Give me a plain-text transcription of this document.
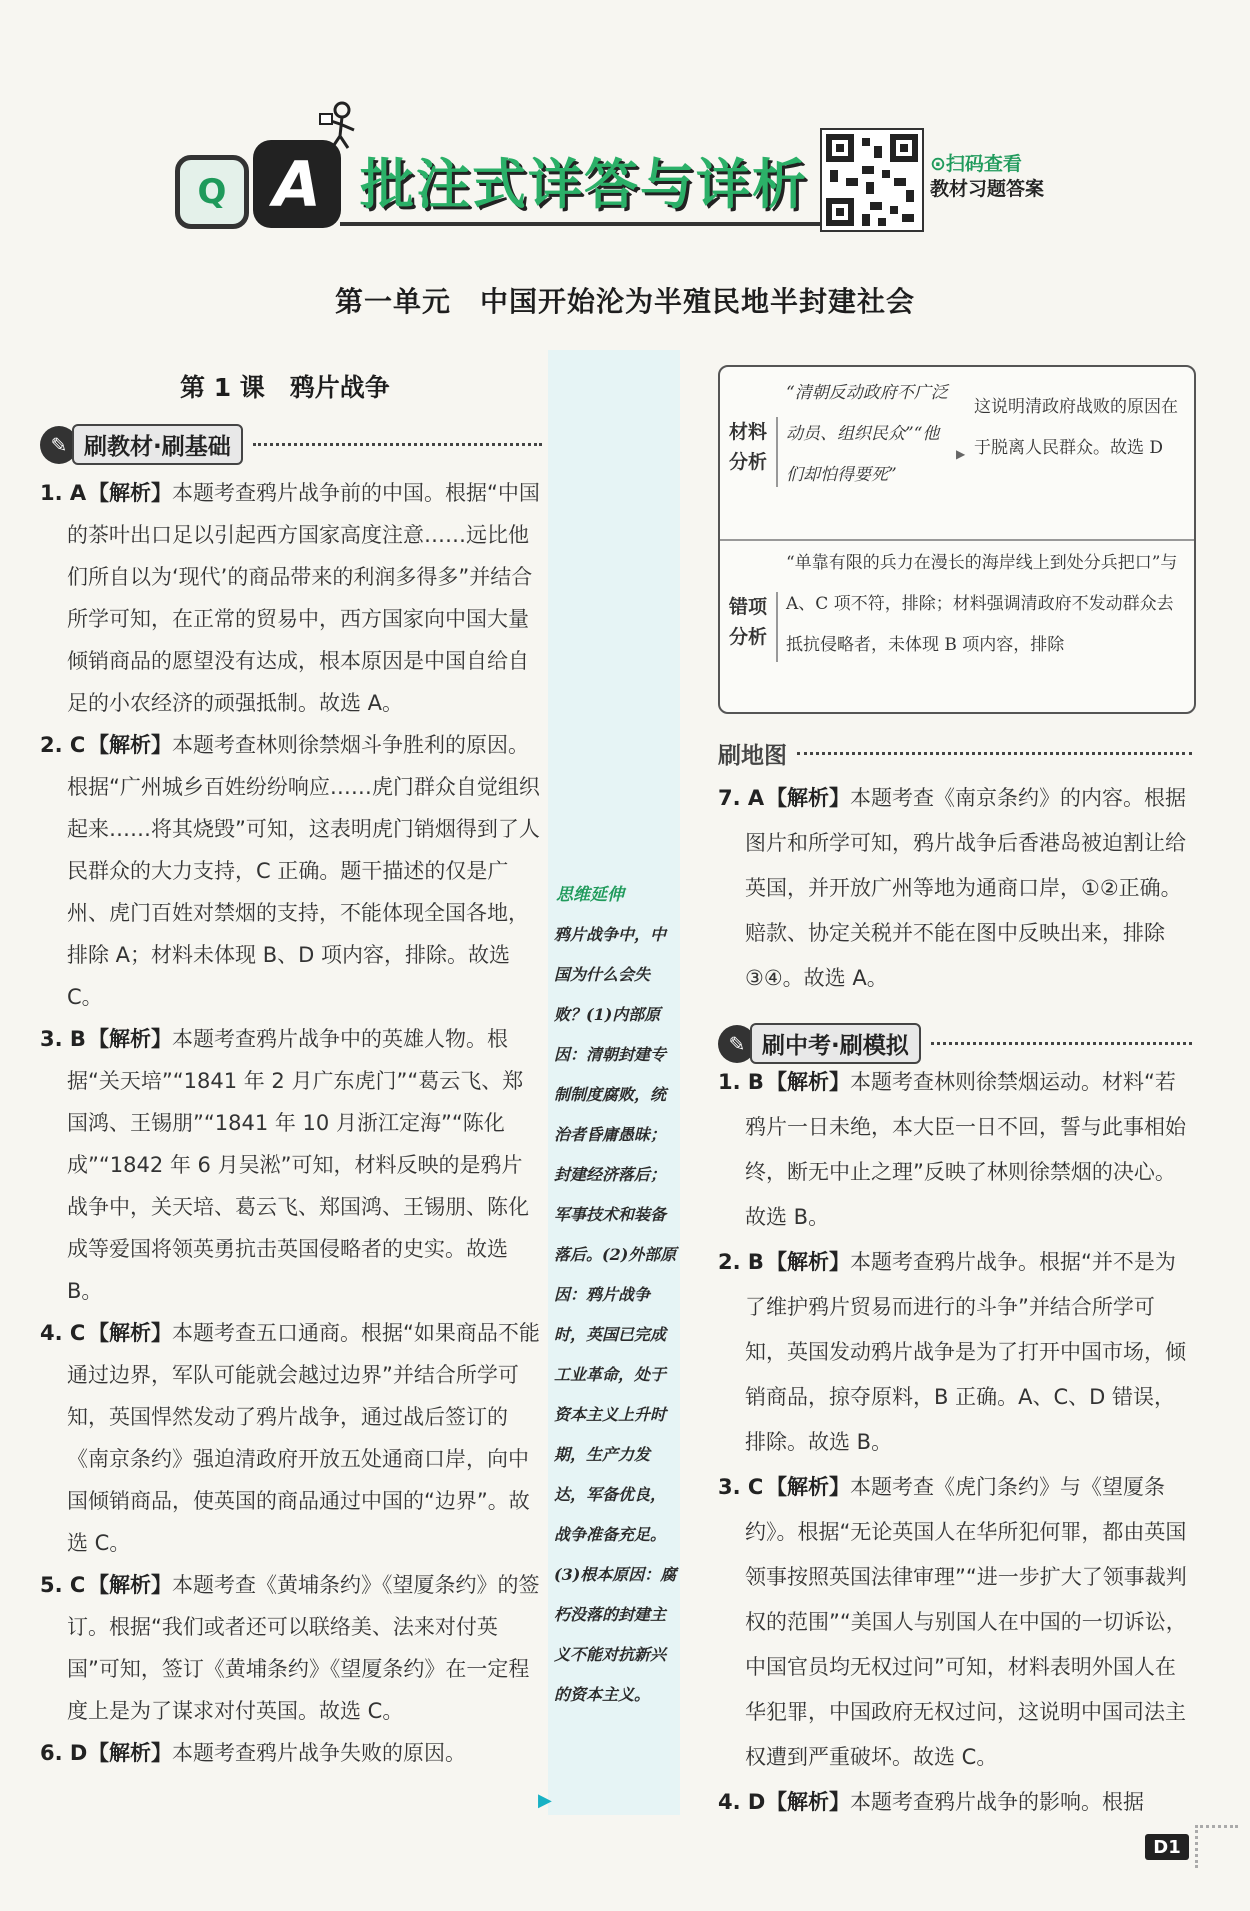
Q A 批注式详答与详析	⊙扫码查看
教材习题答案
第一单元　中国开始沦为半殖民地半封建社会
第 1 课　鸦片战争
✎ 刷教材·刷基础

1. A【解析】本题考查鸦片战争前的中国。根据“中国的茶叶出口足以引起西方国家高度注意……远比他们所自以为‘现代’的商品带来的利润多得多”并结合所学可知，在正常的贸易中，西方国家向中国大量倾销商品的愿望没有达成，根本原因是中国自给自足的小农经济的顽强抵制。故选 A。

2. C 【解析】本题考查林则徐禁烟斗争胜利的原因。根据“广州城乡百姓纷纷响应……虎门群众自觉组织起来……将其烧毁”可知，这表明虎门销烟得到了人民群众的大力支持，C 正确。题干描述的仅是广州、虎门百姓对禁烟的支持，不能体现全国各地，排除 A；材料未体现 B、D 项内容，排除。故选 C。

3. B【解析】本题考查鸦片战争中的英雄人物。根据“关天培”“1841 年 2 月广东虎门”“葛云飞、郑国鸿、王锡朋”“1841 年 10 月浙江定海”“陈化成”“1842 年 6 月吴淞”可知，材料反映的是鸦片战争中，关天培、葛云飞、郑国鸿、王锡朋、陈化成等爱国将领英勇抗击英国侵略者的史实。故选 B。

4. C 【解析】本题考查五口通商。根据“如果商品不能通过边界，军队可能就会越过边界”并结合所学可知，英国悍然发动了鸦片战争，通过战后签订的《南京条约》强迫清政府开放五处通商口岸，向中国倾销商品，使英国的商品通过中国的“边界”。故选 C。

5. C 【解析】本题考查《黄埔条约》《望厦条约》的签订。根据“我们或者还可以联络美、法来对付英国”可知，签订《黄埔条约》《望厦条约》在一定程度上是为了谋求对付英国。故选 C。

6. D【解析】本题考查鸦片战争失败的原因。

思维延伸
鸦片战争中，中国为什么会失败？(1)内部原因：清朝封建专制制度腐败，统治者昏庸愚昧；封建经济落后；军事技术和装备落后。(2)外部原因：鸦片战争时，英国已完成工业革命，处于资本主义上升时期，生产力发达，军备优良，战争准备充足。(3)根本原因：腐朽没落的封建主义不能对抗新兴的资本主义。
▶
材料分析
“清朝反动政府不广泛动员、组织民众”“他们却怕得要死”
▶
这说明清政府战败的原因在于脱离人民群众。故选 D
错项分析
“单靠有限的兵力在漫长的海岸线上到处分兵把口”与 A、C 项不符，排除；材料强调清政府不发动群众去抵抗侵略者，未体现 B 项内容，排除
刷地图

7. A【解析】本题考查《南京条约》的内容。根据图片和所学可知，鸦片战争后香港岛被迫割让给英国，并开放广州等地为通商口岸，①②正确。赔款、协定关税并不能在图中反映出来，排除③④。故选 A。

✎ 刷中考·刷模拟

1. B【解析】本题考查林则徐禁烟运动。材料“若鸦片一日未绝，本大臣一日不回，誓与此事相始终，断无中止之理”反映了林则徐禁烟的决心。故选 B。

2. B【解析】本题考查鸦片战争。根据“并不是为了维护鸦片贸易而进行的斗争”并结合所学可知，英国发动鸦片战争是为了打开中国市场，倾销商品，掠夺原料，B 正确。A、C、D 错误，排除。故选 B。

3. C 【解析】本题考查《虎门条约》与《望厦条约》。根据“无论英国人在华所犯何罪，都由英国领事按照英国法律审理”“进一步扩大了领事裁判权的范围”“美国人与别国人在中国的一切诉讼，中国官员均无权过问”可知，材料表明外国人在华犯罪，中国政府无权过问，这说明中国司法主权遭到严重破坏。故选 C。

4. D【解析】本题考查鸦片战争的影响。根据

D1
